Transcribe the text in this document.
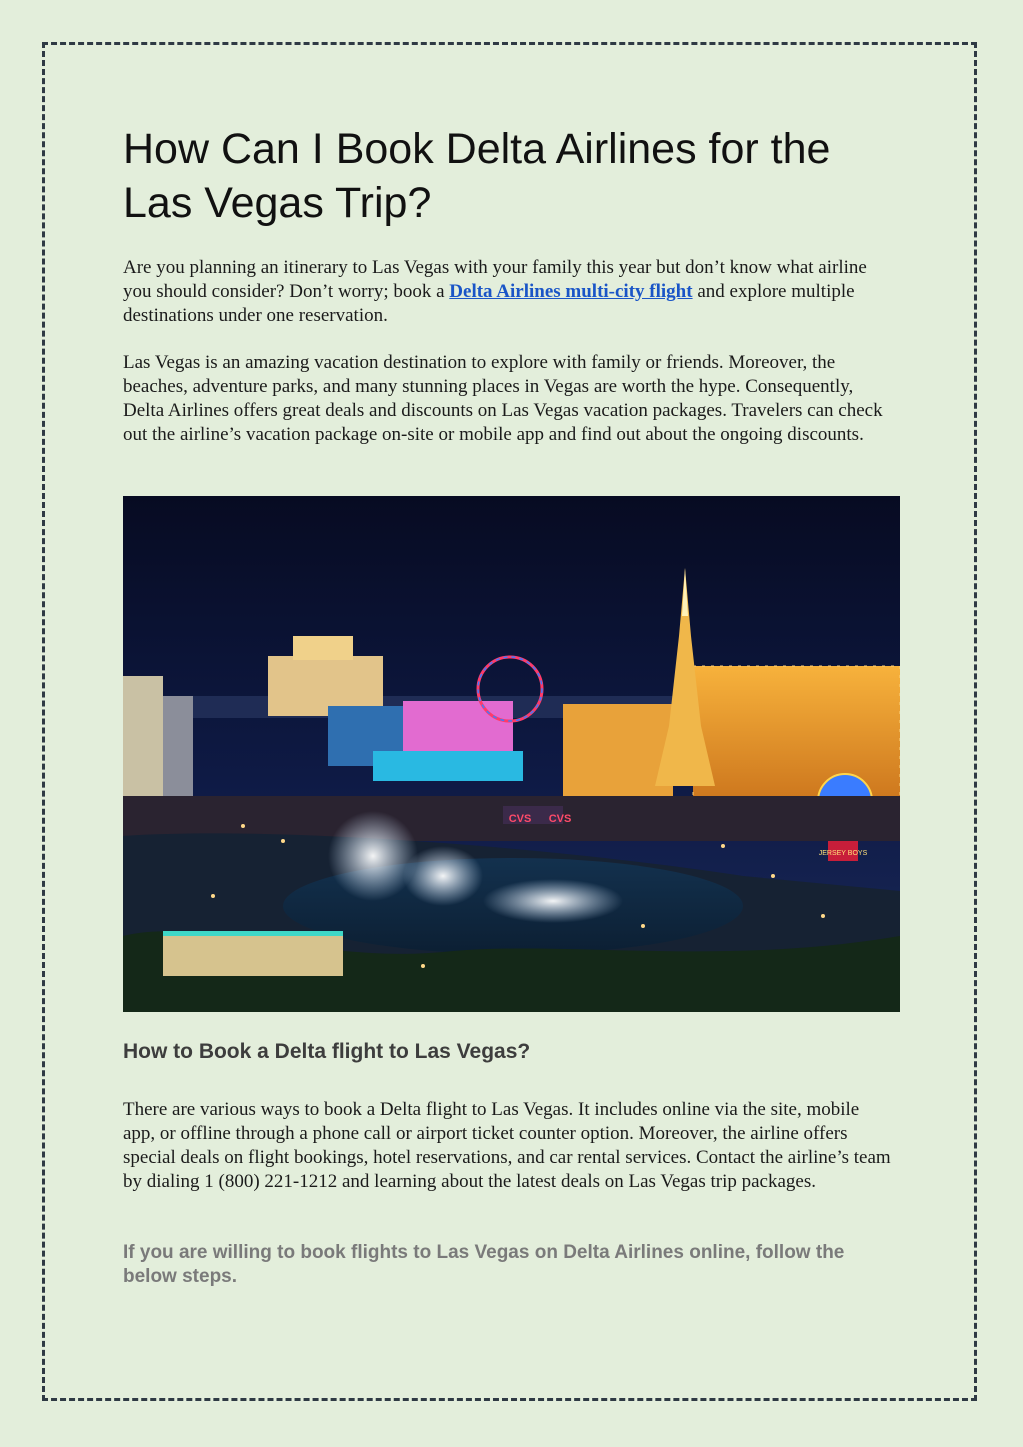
How Can I Book Delta Airlines for the Las Vegas Trip?

Are you planning an itinerary to Las Vegas with your family this year but don’t know what airline you should consider? Don’t worry; book a Delta Airlines multi-city flight and explore multiple destinations under one reservation.

Las Vegas is an amazing vacation destination to explore with family or friends. Moreover, the beaches, adventure parks, and many stunning places in Vegas are worth the hype. Consequently, Delta Airlines offers great deals and discounts on Las Vegas vacation packages. Travelers can check out the airline’s vacation package on-site or mobile app and find out about the ongoing discounts.

JERSEY BOYS
CVS CVS
How to Book a Delta flight to Las Vegas?

There are various ways to book a Delta flight to Las Vegas. It includes online via the site, mobile app, or offline through a phone call or airport ticket counter option. Moreover, the airline offers special deals on flight bookings, hotel reservations, and car rental services. Contact the airline’s team by dialing 1 (800) 221-1212 and learning about the latest deals on Las Vegas trip packages.

If you are willing to book flights to Las Vegas on Delta Airlines online, follow the below steps.
